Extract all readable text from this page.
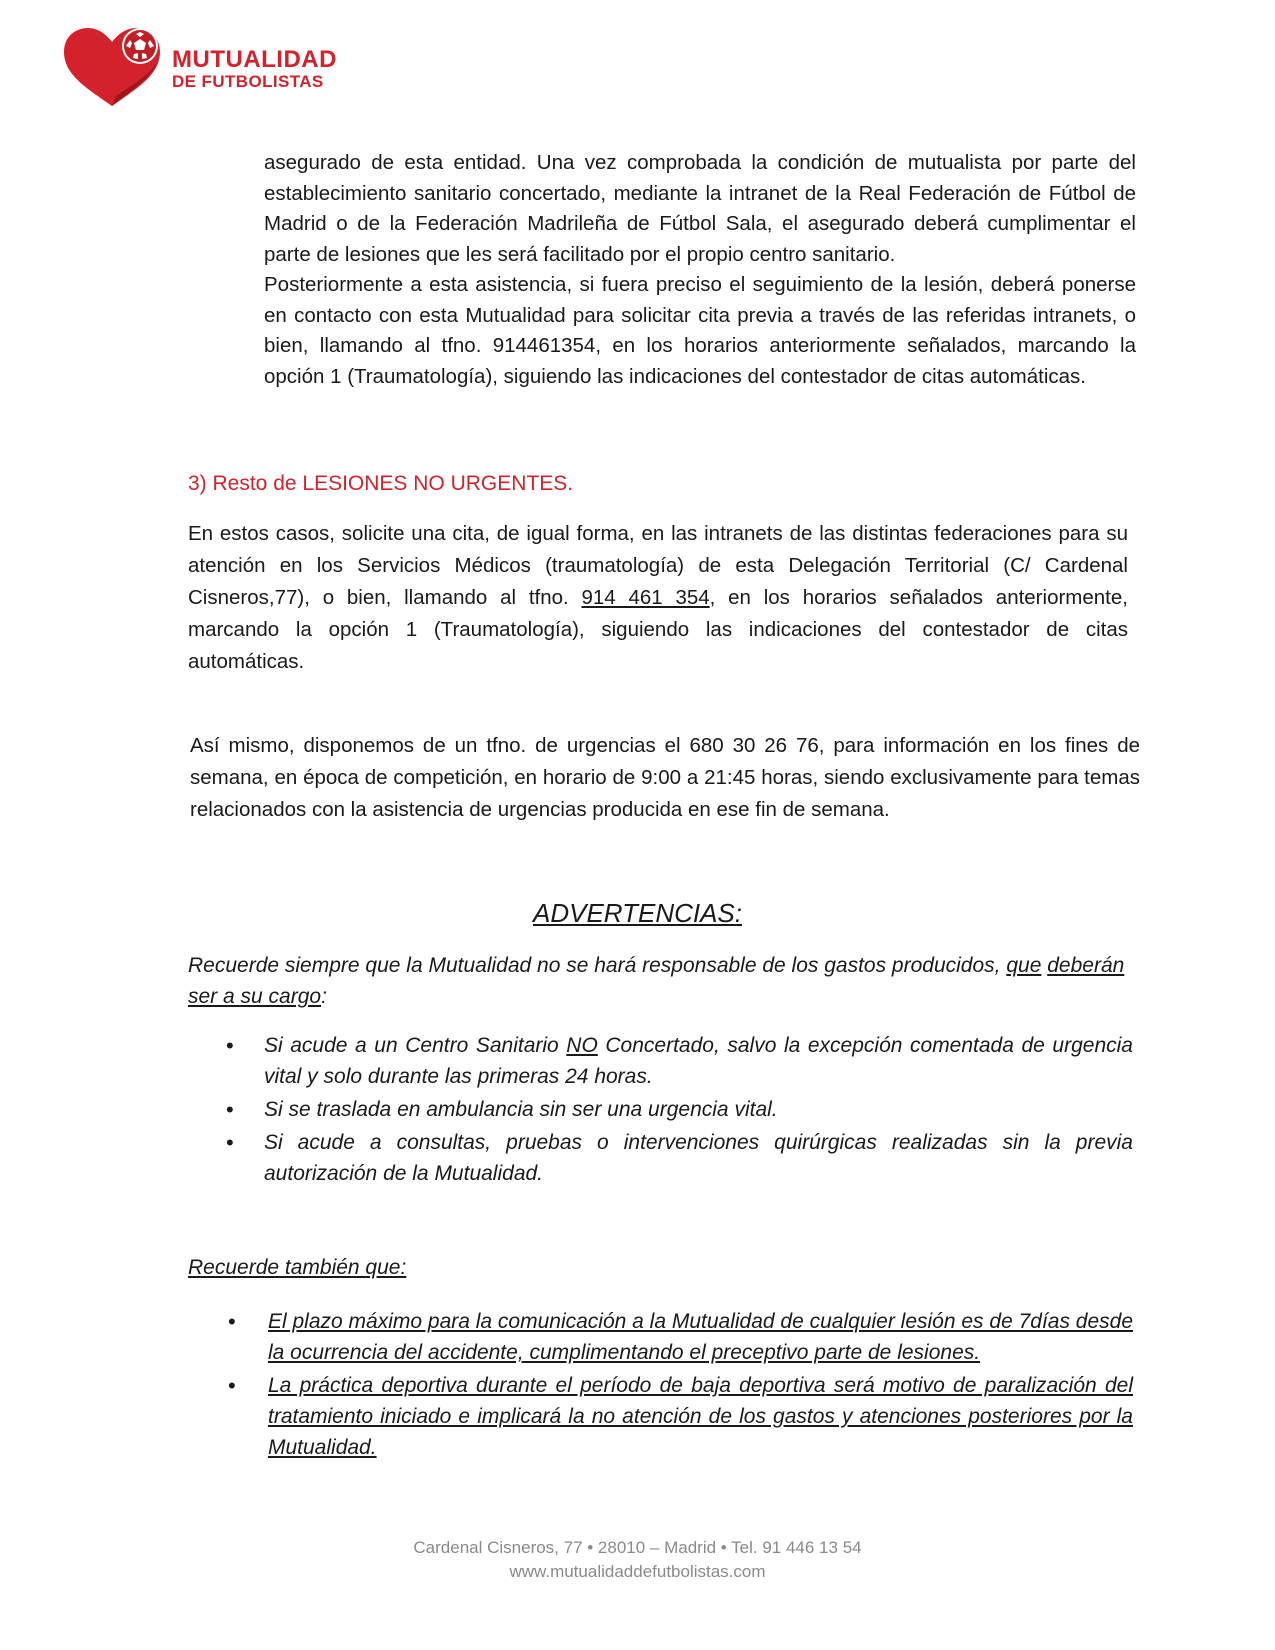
MUTUALIDAD
DE FUTBOLISTAS

asegurado de esta entidad. Una vez comprobada la condición de mutualista por parte del establecimiento sanitario concertado, mediante la intranet de la Real Federación de Fútbol de Madrid o de la Federación Madrileña de Fútbol Sala, el asegurado deberá cumplimentar el parte de lesiones que les será facilitado por el propio centro sanitario.

Posteriormente a esta asistencia, si fuera preciso el seguimiento de la lesión, deberá ponerse en contacto con esta Mutualidad para solicitar cita previa a través de las referidas intranets, o bien, llamando al tfno. 914461354, en los horarios anteriormente señalados, marcando la opción 1 (Traumatología), siguiendo las indicaciones del contestador de citas automáticas.

3) Resto de LESIONES NO URGENTES.

En estos casos, solicite una cita, de igual forma, en las intranets de las distintas federaciones para su atención en los Servicios Médicos (traumatología) de esta Delegación Territorial (C/ Cardenal Cisneros,77), o bien, llamando al tfno. 914 461 354, en los horarios señalados anteriormente, marcando la opción 1 (Traumatología), siguiendo las indicaciones del contestador de citas automáticas.

Así mismo, disponemos de un tfno. de urgencias el 680 30 26 76, para información en los fines de semana, en época de competición, en horario de 9:00 a 21:45 horas, siendo exclusivamente para temas relacionados con la asistencia de urgencias producida en ese fin de semana.

ADVERTENCIAS:
Recuerde siempre que la Mutualidad no se hará responsable de los gastos producidos, que deberán ser a su cargo:
• Si acude a un Centro Sanitario NO Concertado, salvo la excepción comentada de urgencia vital y solo durante las primeras 24 horas.
• Si se traslada en ambulancia sin ser una urgencia vital.
• Si acude a consultas, pruebas o intervenciones quirúrgicas realizadas sin la previa autorización de la Mutualidad.
Recuerde también que:
• El plazo máximo para la comunicación a la Mutualidad de cualquier lesión es de 7días desde la ocurrencia del accidente, cumplimentando el preceptivo parte de lesiones.
• La práctica deportiva durante el período de baja deportiva será motivo de paralización del tratamiento iniciado e implicará la no atención de los gastos y atenciones posteriores por la Mutualidad.
Cardenal Cisneros, 77 • 28010 – Madrid • Tel. 91 446 13 54
www.mutualidaddefutbolistas.com
